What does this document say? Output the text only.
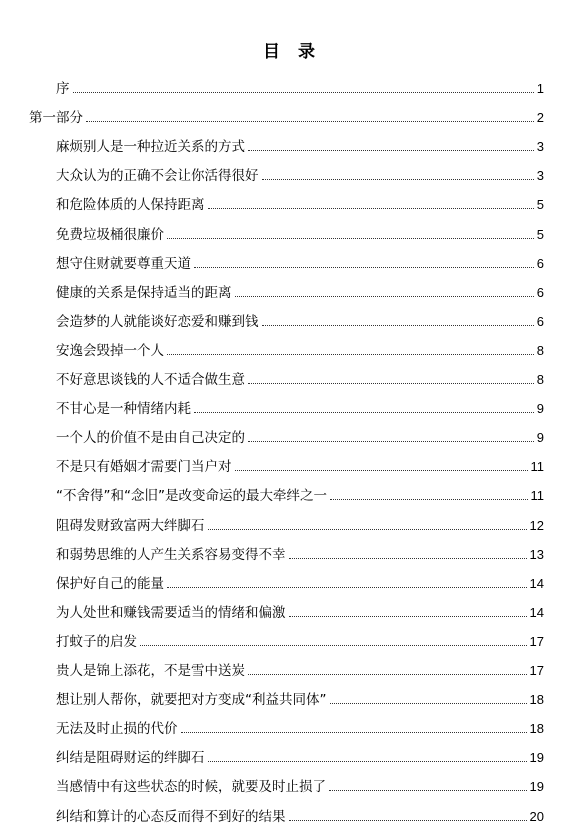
目 录
序	1
第一部分	2
麻烦别人是一种拉近关系的方式	3
大众认为的正确不会让你活得很好	3
和危险体质的人保持距离	5
免费垃圾桶很廉价	5
想守住财就要尊重天道	6
健康的关系是保持适当的距离	6
会造梦的人就能谈好恋爱和赚到钱	6
安逸会毁掉一个人	8
不好意思谈钱的人不适合做生意	8
不甘心是一种情绪内耗	9
一个人的价值不是由自己决定的	9
不是只有婚姻才需要门当户对	11
“不舍得”和“念旧”是改变命运的最大牵绊之一	11
阻碍发财致富两大绊脚石	12
和弱势思维的人产生关系容易变得不幸	13
保护好自己的能量	14
为人处世和赚钱需要适当的情绪和偏激	14
打蚊子的启发	17
贵人是锦上添花，不是雪中送炭	17
想让别人帮你，就要把对方变成“利益共同体”	18
无法及时止损的代价	18
纠结是阻碍财运的绊脚石	19
当感情中有这些状态的时候，就要及时止损了	19
纠结和算计的心态反而得不到好的结果	20
